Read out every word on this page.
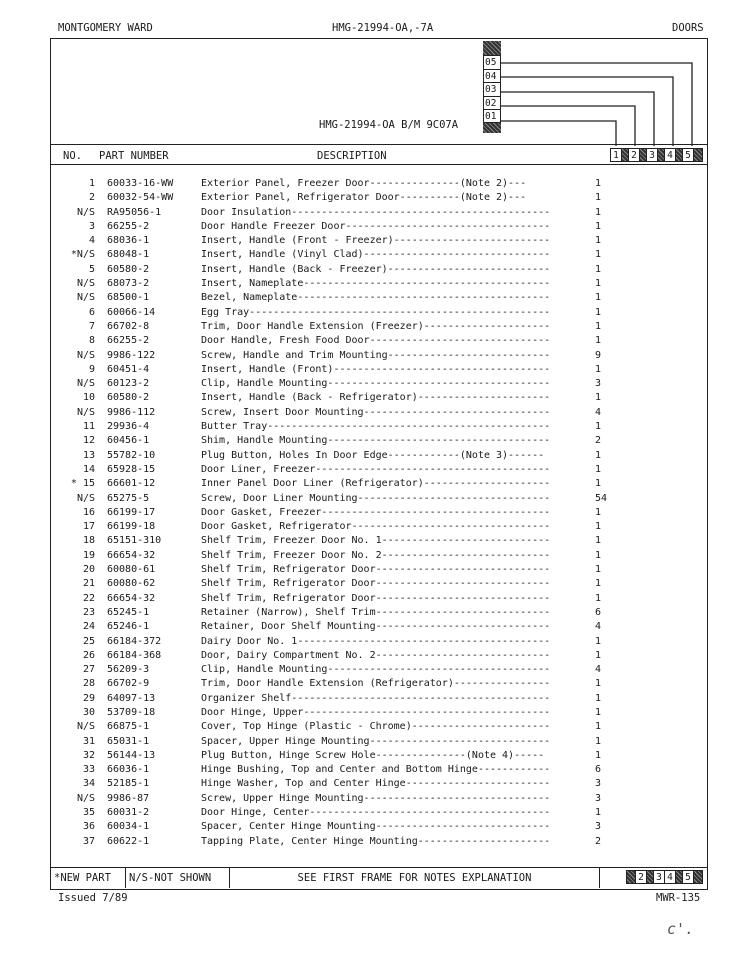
MONTGOMERY WARD	HMG-21994-OA,-7A	DOORS
05
04
03
02
01
HMG-21994-OA B/M 9C07A
NO. PART NUMBER	DESCRIPTION	1	2	3	4	5
1 60033-16-WW	Exterior Panel, Freezer Door---------------(Note 2)---	1
2 60032-54-WW	Exterior Panel, Refrigerator Door----------(Note 2)---	1
N/S RA95056-1	Door Insulation-------------------------------------------	1
3 66255-2	Door Handle Freezer Door----------------------------------	1
4 68036-1	Insert, Handle (Front - Freezer)--------------------------	1
*N/S 68048-1	Insert, Handle (Vinyl Clad)-------------------------------	1
5 60580-2	Insert, Handle (Back - Freezer)---------------------------	1
N/S 68073-2	Insert, Nameplate-----------------------------------------	1
N/S 68500-1	Bezel, Nameplate------------------------------------------	1
6 60066-14	Egg Tray--------------------------------------------------	1
7 66702-8	Trim, Door Handle Extension (Freezer)---------------------	1
8 66255-2	Door Handle, Fresh Food Door------------------------------	1
N/S 9986-122	Screw, Handle and Trim Mounting---------------------------	9
9 60451-4	Insert, Handle (Front)------------------------------------	1
N/S 60123-2	Clip, Handle Mounting-------------------------------------	3
10 60580-2	Insert, Handle (Back - Refrigerator)----------------------	1
N/S 9986-112	Screw, Insert Door Mounting-------------------------------	4
11 29936-4	Butter Tray-----------------------------------------------	1
12 60456-1	Shim, Handle Mounting-------------------------------------	2
13 55782-10	Plug Button, Holes In Door Edge------------(Note 3)------	1
14 65928-15	Door Liner, Freezer---------------------------------------	1
* 15 66601-12	Inner Panel Door Liner (Refrigerator)---------------------	1
N/S 65275-5	Screw, Door Liner Mounting--------------------------------	54
16 66199-17	Door Gasket, Freezer--------------------------------------	1
17 66199-18	Door Gasket, Refrigerator---------------------------------	1
18 65151-310	Shelf Trim, Freezer Door No. 1----------------------------	1
19 66654-32	Shelf Trim, Freezer Door No. 2----------------------------	1
20 60080-61	Shelf Trim, Refrigerator Door-----------------------------	1
21 60080-62	Shelf Trim, Refrigerator Door-----------------------------	1
22 66654-32	Shelf Trim, Refrigerator Door-----------------------------	1
23 65245-1	Retainer (Narrow), Shelf Trim-----------------------------	6
24 65246-1	Retainer, Door Shelf Mounting-----------------------------	4
25 66184-372	Dairy Door No. 1------------------------------------------	1
26 66184-368	Door, Dairy Compartment No. 2-----------------------------	1
27 56209-3	Clip, Handle Mounting-------------------------------------	4
28 66702-9	Trim, Door Handle Extension (Refrigerator)----------------	1
29 64097-13	Organizer Shelf-------------------------------------------	1
30 53709-18	Door Hinge, Upper-----------------------------------------	1
N/S 66875-1	Cover, Top Hinge (Plastic - Chrome)-----------------------	1
31 65031-1	Spacer, Upper Hinge Mounting------------------------------	1
32 56144-13	Plug Button, Hinge Screw Hole---------------(Note 4)-----	1
33 66036-1	Hinge Bushing, Top and Center and Bottom Hinge------------	6
34 52185-1	Hinge Washer, Top and Center Hinge------------------------	3
N/S 9986-87	Screw, Upper Hinge Mounting-------------------------------	3
35 60031-2	Door Hinge, Center----------------------------------------	1
36 60034-1	Spacer, Center Hinge Mounting-----------------------------	3
37 60622-1	Tapping Plate, Center Hinge Mounting----------------------	2
*NEW PART	N/S-NOT SHOWN	SEE FIRST FRAME FOR NOTES EXPLANATION	2	3 4	5
Issued 7/89	MWR-135
c'.
